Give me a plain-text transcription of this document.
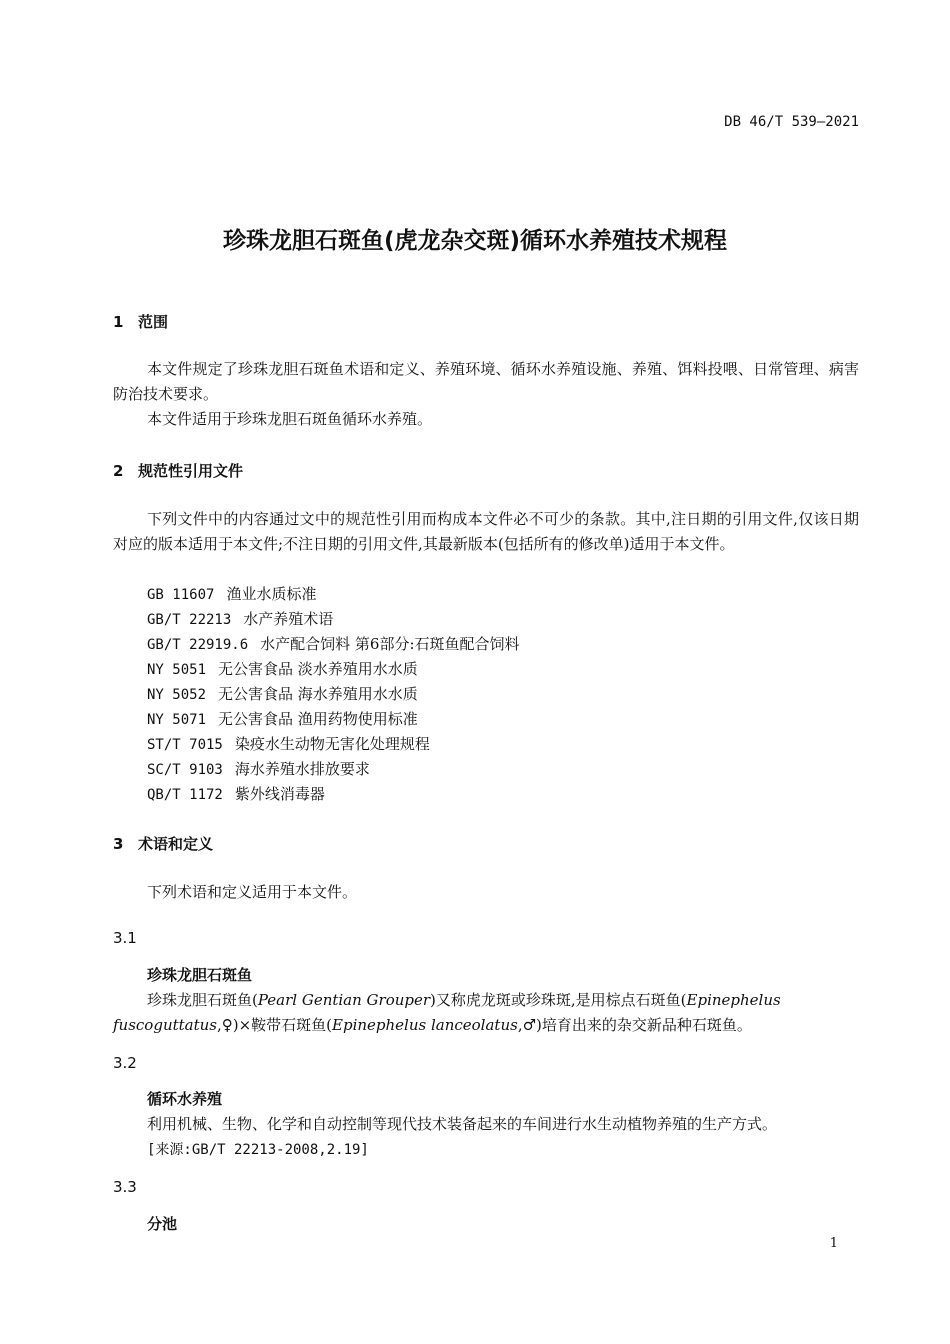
DB 46/T 539—2021
珍珠龙胆石斑鱼(虎龙杂交斑)循环水养殖技术规程
1 范围
本文件规定了珍珠龙胆石斑鱼术语和定义、养殖环境、循环水养殖设施、养殖、饵料投喂、日常管理、病害防治技术要求。
本文件适用于珍珠龙胆石斑鱼循环水养殖。
2 规范性引用文件
下列文件中的内容通过文中的规范性引用而构成本文件必不可少的条款。其中,注日期的引用文件,仅该日期对应的版本适用于本文件;不注日期的引用文件,其最新版本(包括所有的修改单)适用于本文件。
GB 11607 渔业水质标准
GB/T 22213 水产养殖术语
GB/T 22919.6 水产配合饲料 第6部分:石斑鱼配合饲料
NY 5051 无公害食品 淡水养殖用水水质
NY 5052 无公害食品 海水养殖用水水质
NY 5071 无公害食品 渔用药物使用标准
ST/T 7015 染疫水生动物无害化处理规程
SC/T 9103 海水养殖水排放要求
QB/T 1172 紫外线消毒器
3 术语和定义
下列术语和定义适用于本文件。
3.1
珍珠龙胆石斑鱼
珍珠龙胆石斑鱼(Pearl Gentian Grouper)又称虎龙斑或珍珠斑,是用棕点石斑鱼(Epinephelus
fuscoguttatus,♀)×鞍带石斑鱼(Epinephelus lanceolatus,♂)培育出来的杂交新品种石斑鱼。
3.2
循环水养殖
利用机械、生物、化学和自动控制等现代技术装备起来的车间进行水生动植物养殖的生产方式。
[来源:GB/T 22213-2008,2.19]
3.3
分池
1
